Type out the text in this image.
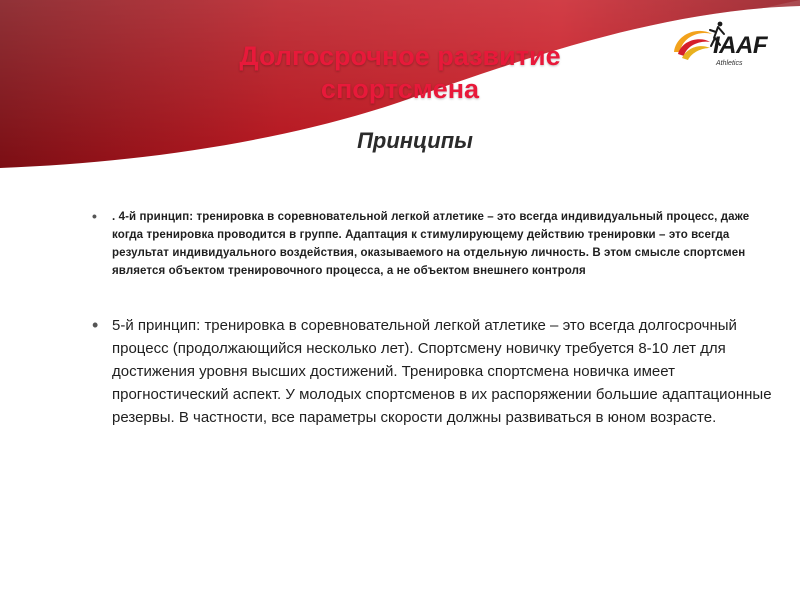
IAAF
Athletics
Долгосрочное развитие спортсмена
Принципы
• . 4-й принцип: тренировка в соревновательной легкой атлетике – это всегда индивидуальный процесс, даже когда тренировка проводится в группе. Адаптация к стимулирующему действию тренировки – это всегда результат индивидуального воздействия, оказываемого на отдельную личность. В этом смысле спортсмен является объектом тренировочного процесса, а не объектом внешнего контроля
• 5-й принцип: тренировка в соревновательной легкой атлетике – это всегда долгосрочный процесс (продолжающийся несколько лет). Спортсмену новичку требуется 8-10 лет для достижения уровня высших достижений. Тренировка спортсмена новичка имеет прогностический аспект. У молодых спортсменов в их распоряжении большие адаптационные резервы. В частности, все параметры скорости должны развиваться в юном возрасте.
